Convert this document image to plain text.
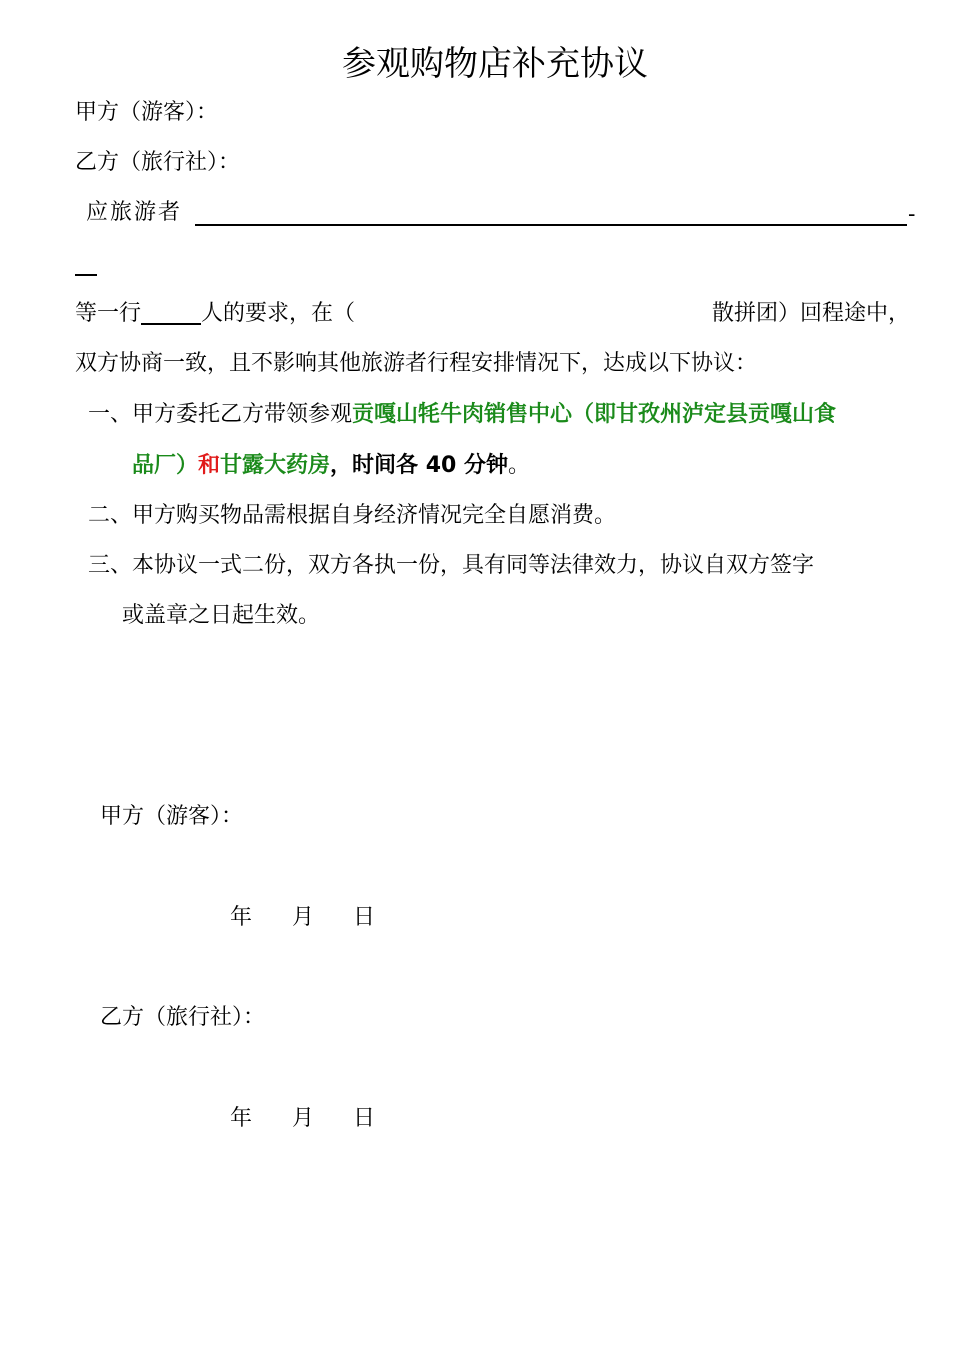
参观购物店补充协议
甲方（游客）：
乙方（旅行社）：
应旅游者	-
等一行	人的要求，在（	散拼团）回程途中，
双方协商一致，且不影响其他旅游者行程安排情况下，达成以下协议：
一、甲方委托乙方带领参观贡嘎山牦牛肉销售中心（即甘孜州泸定县贡嘎山食
品厂）和甘露大药房，时间各 40 分钟。
二、甲方购买物品需根据自身经济情况完全自愿消费。
三、本协议一式二份，双方各执一份，具有同等法律效力，协议自双方签字
或盖章之日起生效。
甲方（游客）：
年 月 日
乙方（旅行社）：
年 月 日
